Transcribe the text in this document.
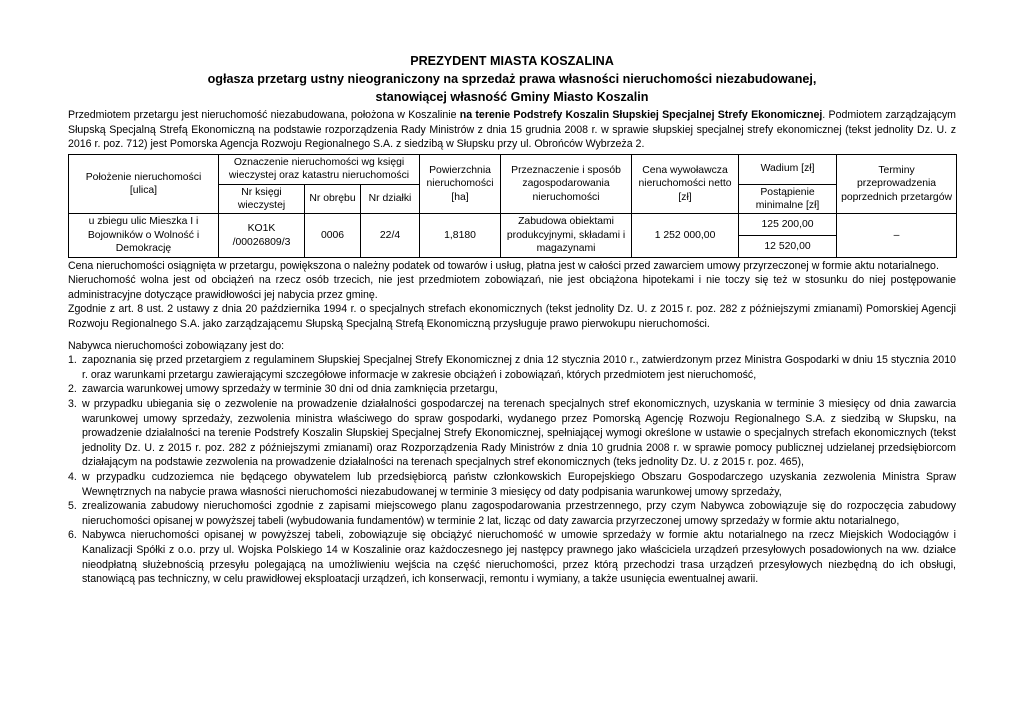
PREZYDENT MIASTA KOSZALINA

ogłasza przetarg ustny nieograniczony na sprzedaż prawa własności nieruchomości niezabudowanej,

stanowiącej własność Gminy Miasto Koszalin

Przedmiotem przetargu jest nieruchomość niezabudowana, położona w Koszalinie na terenie Podstrefy Koszalin Słupskiej Specjalnej Strefy Ekonomicznej. Podmiotem zarządzającym Słupską Specjalną Strefą Ekonomiczną na podstawie rozporządzenia Rady Ministrów z dnia 15 grudnia 2008 r. w sprawie słupskiej specjalnej strefy ekonomicznej (tekst jednolity Dz. U. z 2016 r. poz. 712) jest Pomorska Agencja Rozwoju Regionalnego S.A. z siedzibą w Słupsku przy ul. Obrońców Wybrzeża 2.

Położenie nieruchomości [ulica]	Oznaczenie nieruchomości wg księgi wieczystej oraz katastru nieruchomości			Powierzchnia nieruchomości [ha]	Przeznaczenie i sposób zagospodarowania nieruchomości	Cena wywoławcza nieruchomości netto [zł]	Wadium [zł]	Terminy przeprowadzenia poprzednich przetargów
	Nr księgi wieczystej	Nr obrębu	Nr działki				Postąpienie minimalne [zł]	
u zbiegu ulic Mieszka I i Bojowników o Wolność i Demokrację	KO1K /00026809/3	0006	22/4	1,8180	Zabudowa obiektami produkcyjnymi, składami i magazynami	1 252 000,00	125 200,00	–
							12 520,00	

Cena nieruchomości osiągnięta w przetargu, powiększona o należny podatek od towarów i usług, płatna jest w całości przed zawarciem umowy przyrzeczonej w formie aktu notarialnego.

Nieruchomość wolna jest od obciążeń na rzecz osób trzecich, nie jest przedmiotem zobowiązań, nie jest obciążona hipotekami i nie toczy się też w stosunku do niej postępowanie administracyjne dotyczące prawidłowości jej nabycia przez gminę.

Zgodnie z art. 8 ust. 2 ustawy z dnia 20 października 1994 r. o specjalnych strefach ekonomicznych (tekst jednolity Dz. U. z 2015 r. poz. 282 z późniejszymi zmianami) Pomorskiej Agencji Rozwoju Regionalnego S.A. jako zarządzającemu Słupską Specjalną Strefą Ekonomiczną przysługuje prawo pierwokupu nieruchomości.

Nabywca nieruchomości zobowiązany jest do:

1. zapoznania się przed przetargiem z regulaminem Słupskiej Specjalnej Strefy Ekonomicznej z dnia 12 stycznia 2010 r., zatwierdzonym przez Ministra Gospodarki w dniu 15 stycznia 2010 r. oraz warunkami przetargu zawierającymi szczegółowe informacje w zakresie obciążeń i zobowiązań, których przedmiotem jest nieruchomość,
2. zawarcia warunkowej umowy sprzedaży w terminie 30 dni od dnia zamknięcia przetargu,
3. w przypadku ubiegania się o zezwolenie na prowadzenie działalności gospodarczej na terenach specjalnych stref ekonomicznych, uzyskania w terminie 3 miesięcy od dnia zawarcia warunkowej umowy sprzedaży, zezwolenia ministra właściwego do spraw gospodarki, wydanego przez Pomorską Agencję Rozwoju Regionalnego S.A. z siedzibą w Słupsku, na prowadzenie działalności na terenie Podstrefy Koszalin Słupskiej Specjalnej Strefy Ekonomicznej, spełniającej wymogi określone w ustawie o specjalnych strefach ekonomicznych (tekst jednolity Dz. U. z 2015 r. poz. 282 z późniejszymi zmianami) oraz Rozporządzenia Rady Ministrów z dnia 10 grudnia 2008 r. w sprawie pomocy publicznej udzielanej przedsiębiorcom działającym na podstawie zezwolenia na prowadzenie działalności na terenach specjalnych stref ekonomicznych (teks jednolity Dz. U. z 2015 r. poz. 465),
4. w przypadku cudzoziemca nie będącego obywatelem lub przedsiębiorcą państw członkowskich Europejskiego Obszaru Gospodarczego uzyskania zezwolenia Ministra Spraw Wewnętrznych na nabycie prawa własności nieruchomości niezabudowanej w terminie 3 miesięcy od daty podpisania warunkowej umowy sprzedaży,
5. zrealizowania zabudowy nieruchomości zgodnie z zapisami miejscowego planu zagospodarowania przestrzennego, przy czym Nabywca zobowiązuje się do rozpoczęcia zabudowy nieruchomości opisanej w powyższej tabeli (wybudowania fundamentów) w terminie 2 lat, licząc od daty zawarcia przyrzeczonej umowy sprzedaży w formie aktu notarialnego,
6. Nabywca nieruchomości opisanej w powyższej tabeli, zobowiązuje się obciążyć nieruchomość w umowie sprzedaży w formie aktu notarialnego na rzecz Miejskich Wodociągów i Kanalizacji Spółki z o.o. przy ul. Wojska Polskiego 14 w Koszalinie oraz każdoczesnego jej następcy prawnego jako właściciela urządzeń przesyłowych posadowionych na ww. działce nieodpłatną służebnością przesyłu polegającą na umożliwieniu wejścia na część nieruchomości, przez którą przechodzi trasa urządzeń przesyłowych niezbędną do ich obsługi, stanowiącą pas techniczny, w celu prawidłowej eksploatacji urządzeń, ich konserwacji, remontu i wymiany, a także usunięcia ewentualnej awarii.
